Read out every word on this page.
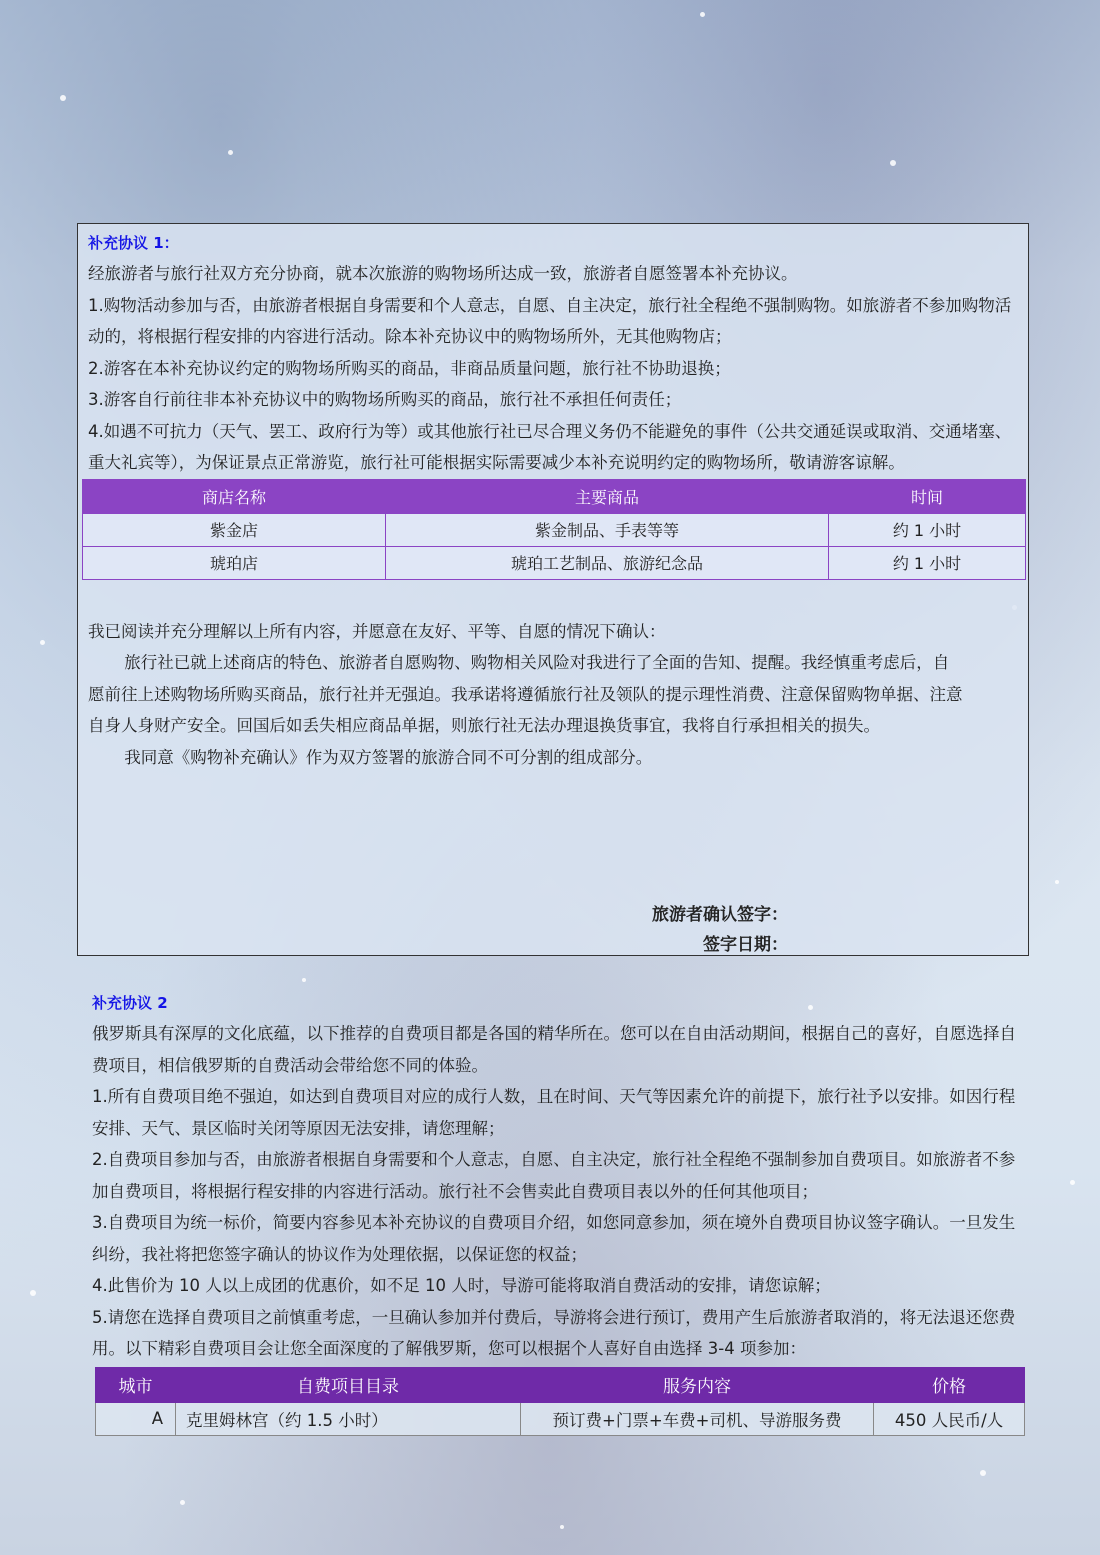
补充协议 1：

经旅游者与旅行社双方充分协商，就本次旅游的购物场所达成一致，旅游者自愿签署本补充协议。

1.购物活动参加与否，由旅游者根据自身需要和个人意志，自愿、自主决定，旅行社全程绝不强制购物。如旅游者不参加购物活动的，将根据行程安排的内容进行活动。除本补充协议中的购物场所外，无其他购物店；

2.游客在本补充协议约定的购物场所购买的商品，非商品质量问题，旅行社不协助退换；

3.游客自行前往非本补充协议中的购物场所购买的商品，旅行社不承担任何责任；

4.如遇不可抗力（天气、罢工、政府行为等）或其他旅行社已尽合理义务仍不能避免的事件（公共交通延误或取消、交通堵塞、重大礼宾等），为保证景点正常游览，旅行社可能根据实际需要减少本补充说明约定的购物场所，敬请游客谅解。

商店名称	主要商品	时间
紫金店	紫金制品、手表等等	约 1 小时
琥珀店	琥珀工艺制品、旅游纪念品	约 1 小时

我已阅读并充分理解以上所有内容，并愿意在友好、平等、自愿的情况下确认：

旅行社已就上述商店的特色、旅游者自愿购物、购物相关风险对我进行了全面的告知、提醒。我经慎重考虑后，自愿前往上述购物场所购买商品，旅行社并无强迫。我承诺将遵循旅行社及领队的提示理性消费、注意保留购物单据、注意自身人身财产安全。回国后如丢失相应商品单据，则旅行社无法办理退换货事宜，我将自行承担相关的损失。

我同意《购物补充确认》作为双方签署的旅游合同不可分割的组成部分。

旅游者确认签字：
签字日期：
补充协议 2

俄罗斯具有深厚的文化底蕴，以下推荐的自费项目都是各国的精华所在。您可以在自由活动期间，根据自己的喜好，自愿选择自费项目，相信俄罗斯的自费活动会带给您不同的体验。

1.所有自费项目绝不强迫，如达到自费项目对应的成行人数，且在时间、天气等因素允许的前提下，旅行社予以安排。如因行程安排、天气、景区临时关闭等原因无法安排，请您理解；

2.自费项目参加与否，由旅游者根据自身需要和个人意志，自愿、自主决定，旅行社全程绝不强制参加自费项目。如旅游者不参加自费项目，将根据行程安排的内容进行活动。旅行社不会售卖此自费项目表以外的任何其他项目；

3.自费项目为统一标价，简要内容参见本补充协议的自费项目介绍，如您同意参加，须在境外自费项目协议签字确认。一旦发生纠纷，我社将把您签字确认的协议作为处理依据，以保证您的权益；

4.此售价为 10 人以上成团的优惠价，如不足 10 人时，导游可能将取消自费活动的安排，请您谅解；

5.请您在选择自费项目之前慎重考虑，一旦确认参加并付费后，导游将会进行预订，费用产生后旅游者取消的，将无法退还您费用。以下精彩自费项目会让您全面深度的了解俄罗斯，您可以根据个人喜好自由选择 3-4 项参加：

城市	自费项目目录	服务内容	价格
A	克里姆林宫（约 1.5 小时）	预订费+门票+车费+司机、导游服务费	450 人民币/人
